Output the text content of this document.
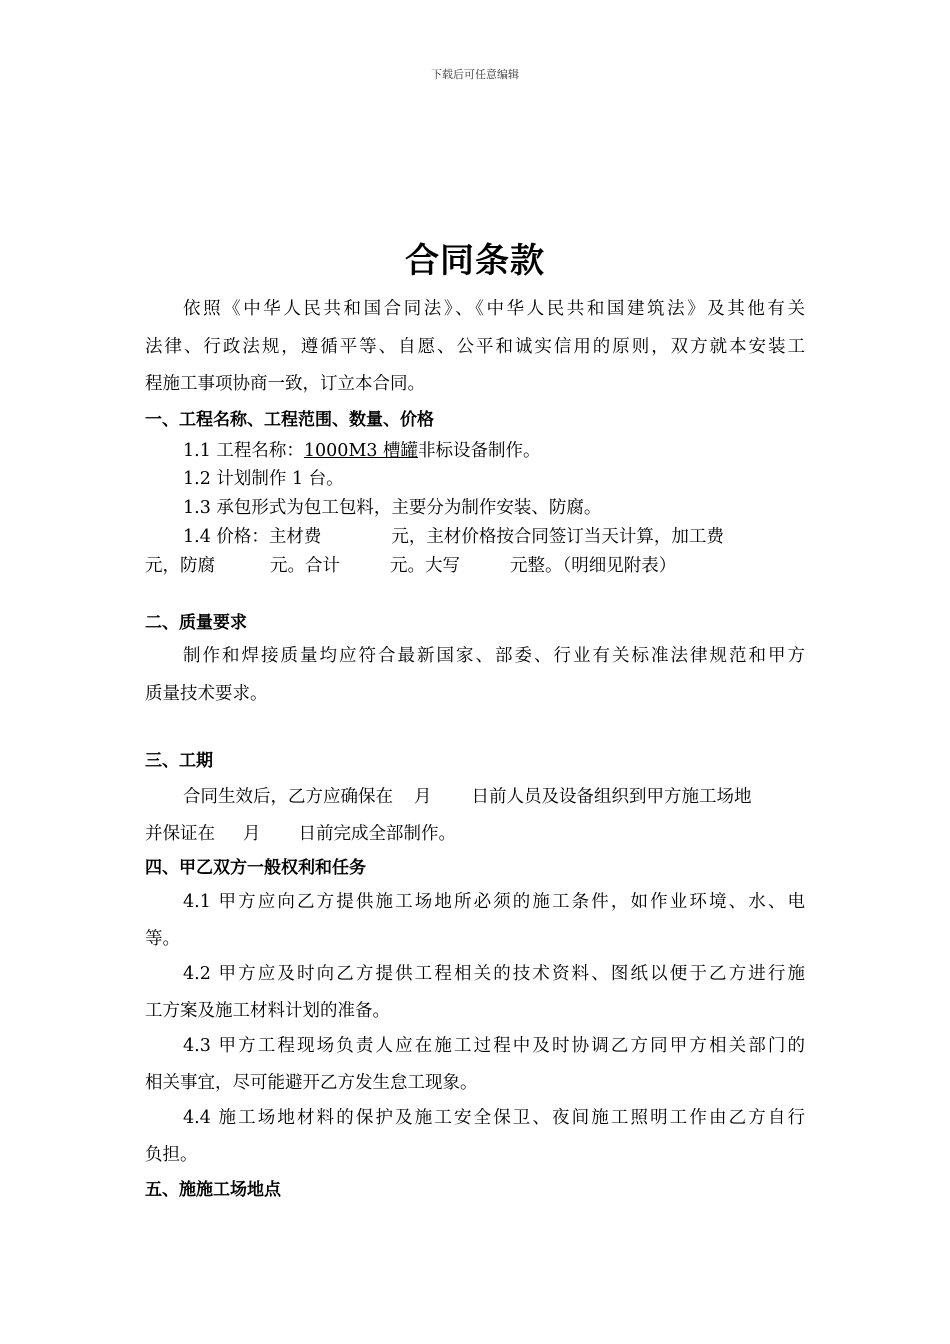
下载后可任意编辑
合同条款
依照《中华人民共和国合同法》、《中华人民共和国建筑法》及其他有关
法律、行政法规，遵循平等、自愿、公平和诚实信用的原则，双方就本安装工
程施工事项协商一致，订立本合同。
一、工程名称、工程范围、数量、价格
1.1 工程名称：1000M3 槽罐非标设备制作。
1.2 计划制作 1 台。
1.3 承包形式为包工包料，主要分为制作安装、防腐。
1.4 价格：主材费	元，主材价格按合同签订当天计算，加工费
元，防腐	元。合计	元。大写	元整。（明细见附表）
二、质量要求
制作和焊接质量均应符合最新国家、部委、行业有关标准法律规范和甲方
质量技术要求。
三、工期
合同生效后，乙方应确保在 月 日前人员及设备组织到甲方施工场地
并保证在 月 日前完成全部制作。
四、甲乙双方一般权利和任务
4.1 甲方应向乙方提供施工场地所必须的施工条件，如作业环境、水、电
等。
4.2 甲方应及时向乙方提供工程相关的技术资料、图纸以便于乙方进行施
工方案及施工材料计划的准备。
4.3 甲方工程现场负责人应在施工过程中及时协调乙方同甲方相关部门的
相关事宜，尽可能避开乙方发生怠工现象。
4.4 施工场地材料的保护及施工安全保卫、夜间施工照明工作由乙方自行
负担。
五、施施工场地点
